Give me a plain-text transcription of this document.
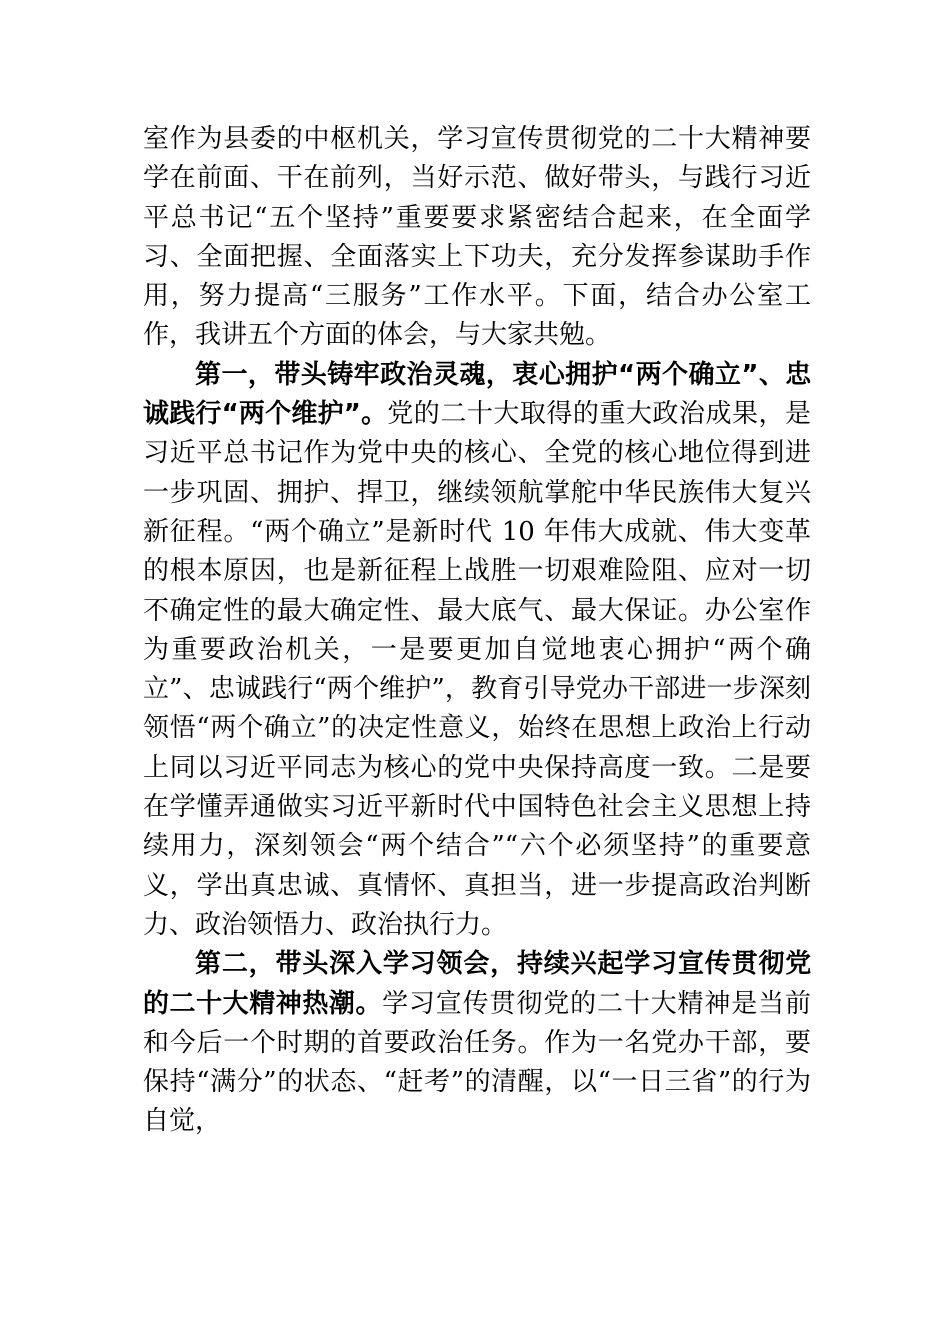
室作为县委的中枢机关，学习宣传贯彻党的二十大精神要学在前面、干在前列，当好示范、做好带头，与践行习近平总书记“五个坚持”重要要求紧密结合起来，在全面学习、全面把握、全面落实上下功夫，充分发挥参谋助手作用，努力提高“三服务”工作水平。下面，结合办公室工作，我讲五个方面的体会，与大家共勉。

第一，带头铸牢政治灵魂，衷心拥护“两个确立”、忠诚践行“两个维护”。党的二十大取得的重大政治成果，是习近平总书记作为党中央的核心、全党的核心地位得到进一步巩固、拥护、捍卫，继续领航掌舵中华民族伟大复兴新征程。“两个确立”是新时代 10 年伟大成就、伟大变革的根本原因，也是新征程上战胜一切艰难险阻、应对一切不确定性的最大确定性、最大底气、最大保证。办公室作为重要政治机关，一是要更加自觉地衷心拥护“两个确立”、忠诚践行“两个维护”，教育引导党办干部进一步深刻领悟“两个确立”的决定性意义，始终在思想上政治上行动上同以习近平同志为核心的党中央保持高度一致。二是要在学懂弄通做实习近平新时代中国特色社会主义思想上持续用力，深刻领会“两个结合”“六个必须坚持”的重要意义，学出真忠诚、真情怀、真担当，进一步提高政治判断力、政治领悟力、政治执行力。

第二，带头深入学习领会，持续兴起学习宣传贯彻党的二十大精神热潮。学习宣传贯彻党的二十大精神是当前和今后一个时期的首要政治任务。作为一名党办干部，要保持“满分”的状态、“赶考”的清醒，以“一日三省”的行为自觉，
